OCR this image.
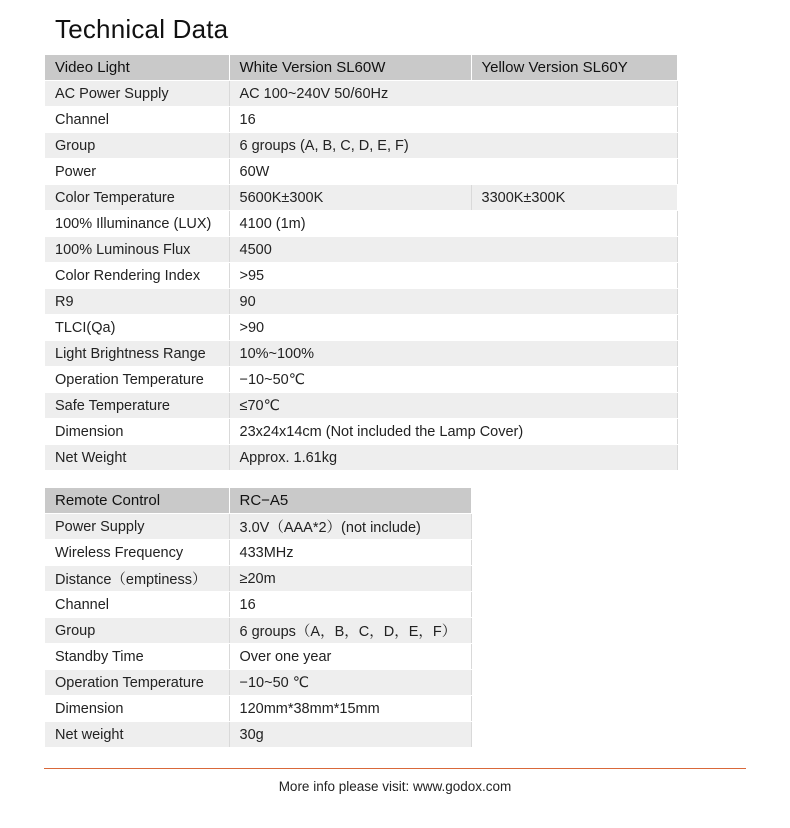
Technical Data
Video Light	White Version SL60W	Yellow Version SL60Y
AC Power Supply	AC 100~240V 50/60Hz	
Channel	16	
Group	6 groups (A, B, C, D, E, F)	
Power	60W	
Color Temperature	5600K±300K	3300K±300K
100% Illuminance (LUX)	4100 (1m)	
100% Luminous Flux	4500	
Color Rendering Index	>95	
R9	90	
TLCI(Qa)	>90	
Light Brightness Range	10%~100%	
Operation Temperature	−10~50℃	
Safe Temperature	≤70℃	
Dimension	23x24x14cm (Not included the Lamp Cover)	
Net Weight	Approx. 1.61kg	
Remote Control	RC−A5
Power Supply	3.0V（AAA*2）(not include)
Wireless Frequency	433MHz
Distance（emptiness）	≥20m
Channel	16
Group	6 groups（A，B，C，D，E，F）
Standby Time	Over one year
Operation Temperature	−10~50 ℃
Dimension	120mm*38mm*15mm
Net weight	30g
More info please visit: www.godox.com
